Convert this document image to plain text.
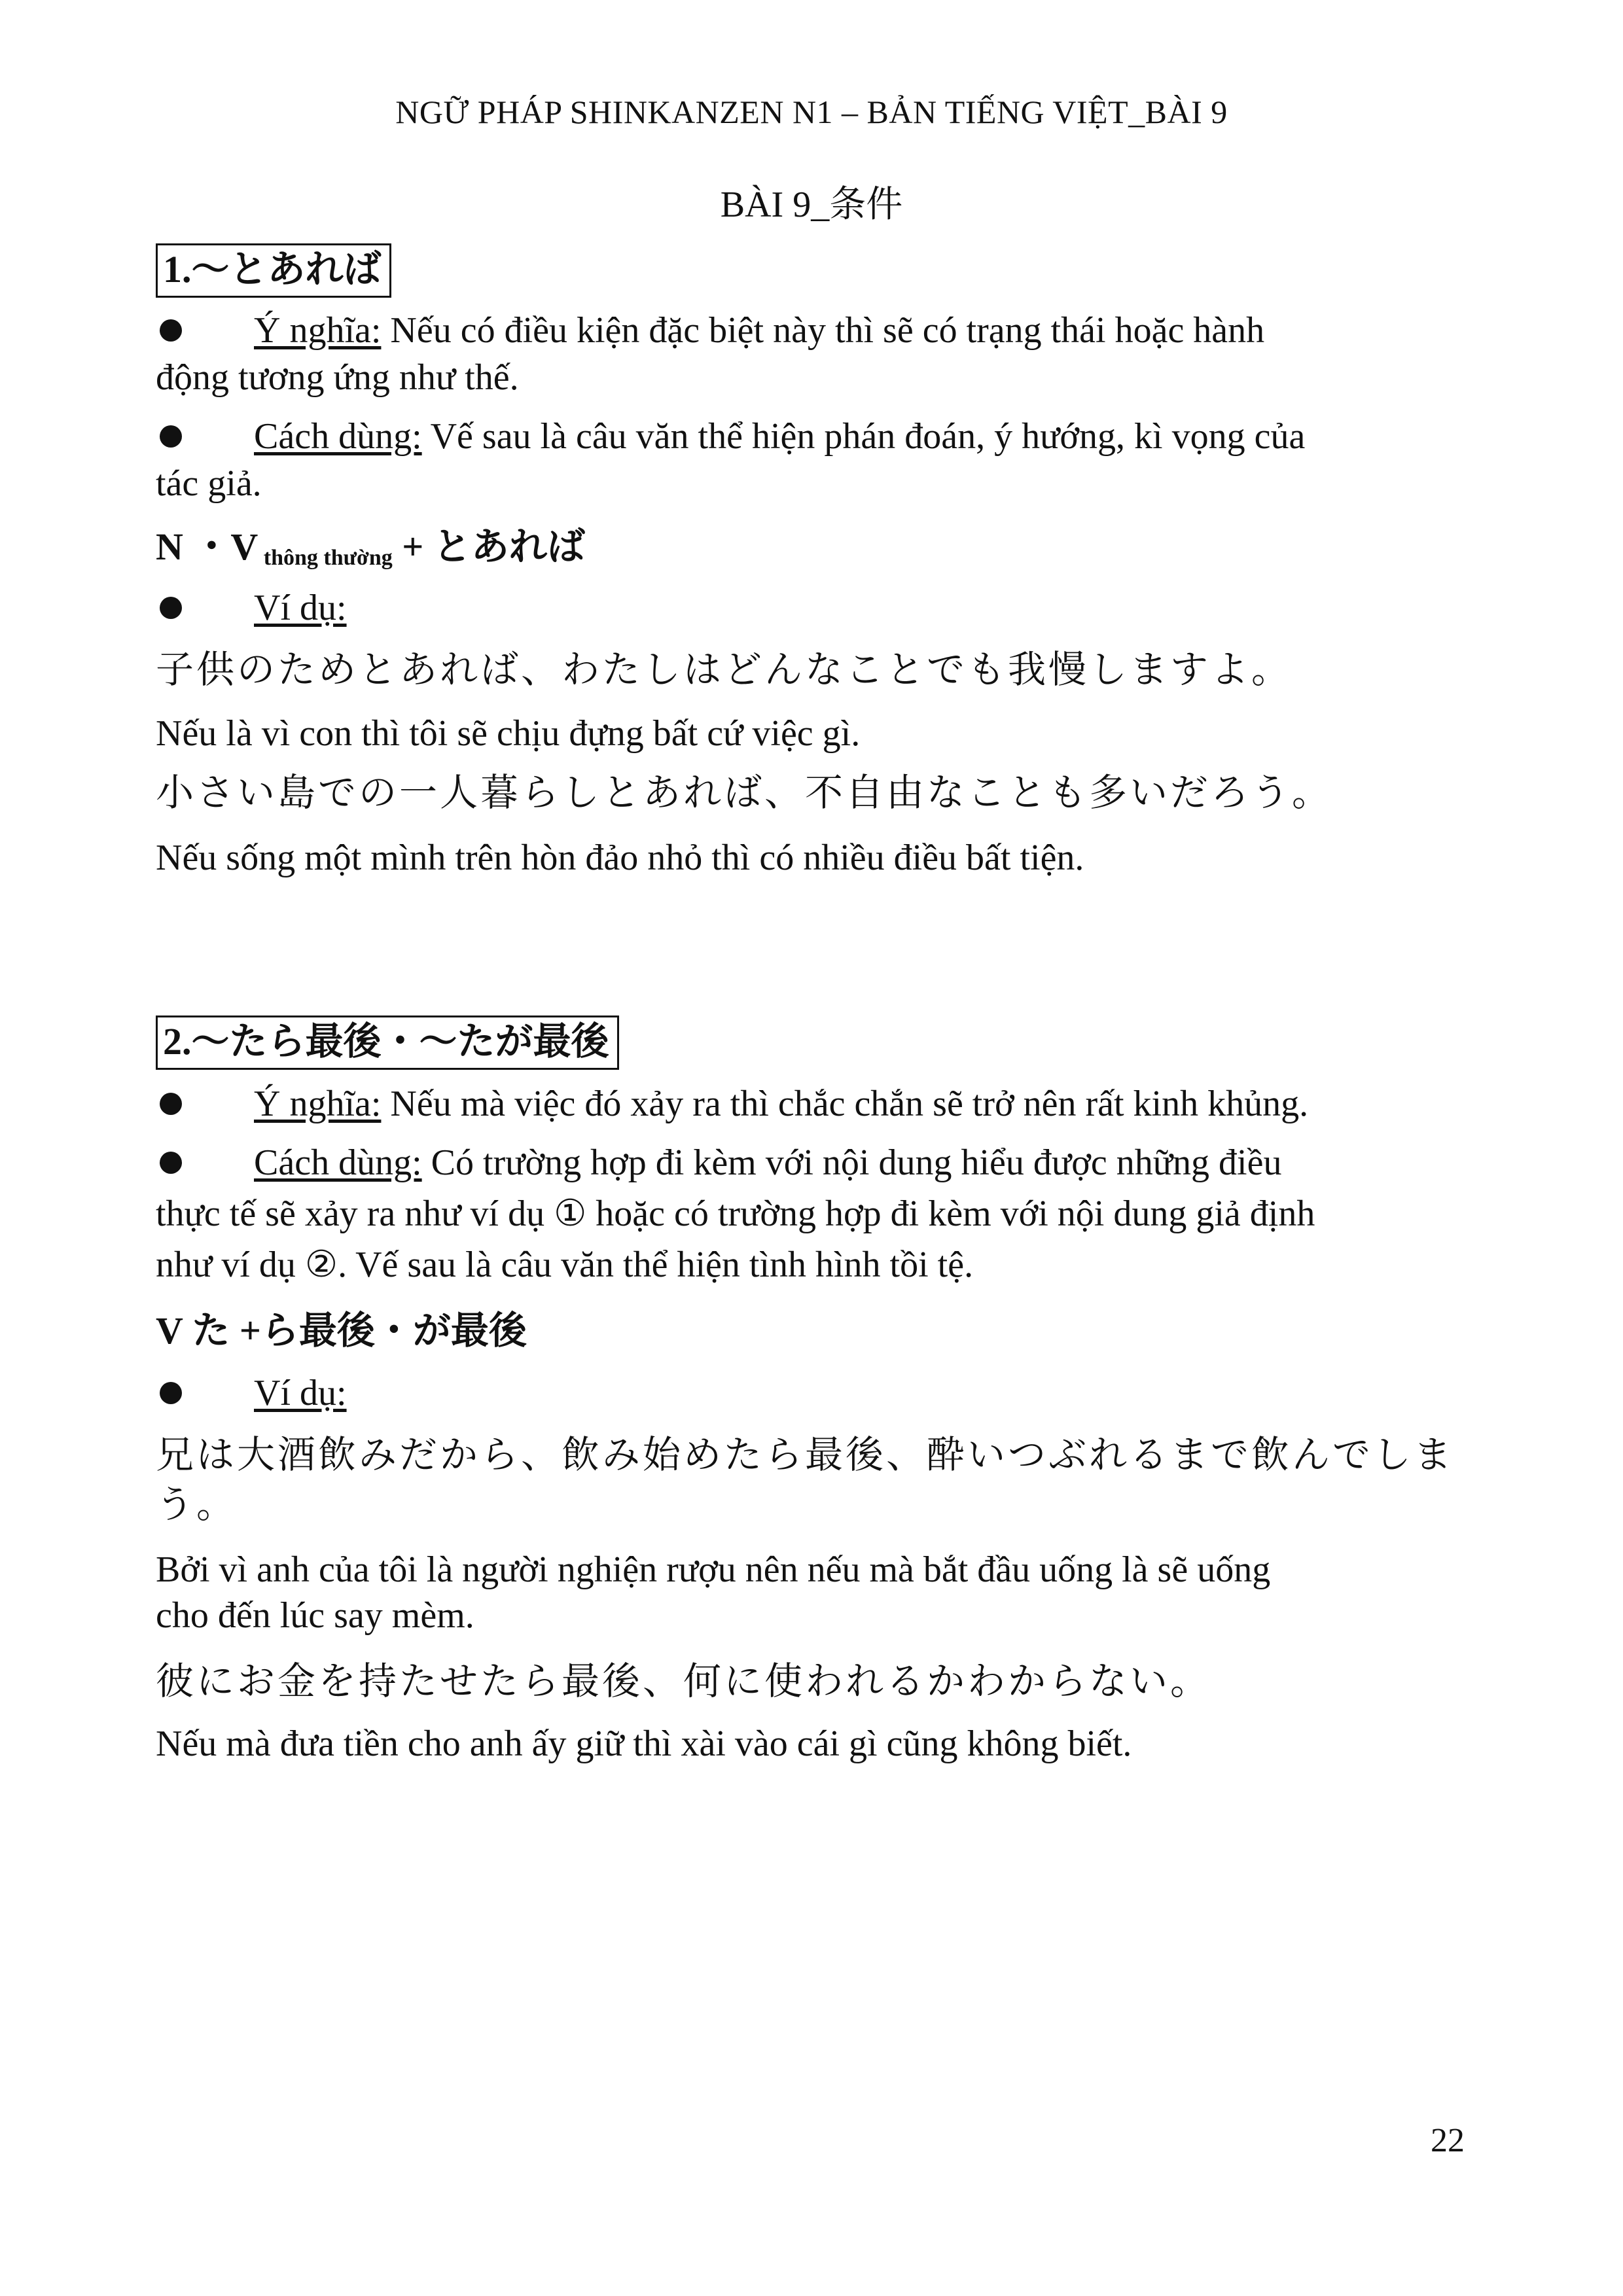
NGỮ PHÁP SHINKANZEN N1 – BẢN TIẾNG VIỆT_BÀI 9
BÀI 9_条件
1.〜とあれば
Ý nghĩa: Nếu có điều kiện đặc biệt này thì sẽ có trạng thái hoặc hành
động tương ứng như thế.
Cách dùng: Vế sau là câu văn thể hiện phán đoán, ý hướng, kì vọng của
tác giả.
N ・V $_{thông thường}$ + とあれば
Ví dụ:
子供のためとあれば、わたしはどんなことでも我慢しますよ。
Nếu là vì con thì tôi sẽ chịu đựng bất cứ việc gì.
小さい島での一人暮らしとあれば、不自由なことも多いだろう。
Nếu sống một mình trên hòn đảo nhỏ thì có nhiều điều bất tiện.
2.〜たら最後・〜たが最後
Ý nghĩa: Nếu mà việc đó xảy ra thì chắc chắn sẽ trở nên rất kinh khủng.
Cách dùng: Có trường hợp đi kèm với nội dung hiểu được những điều
thực tế sẽ xảy ra như ví dụ ① hoặc có trường hợp đi kèm với nội dung giả định
như ví dụ ②. Vế sau là câu văn thể hiện tình hình tồi tệ.
V た +ら最後・が最後
Ví dụ:
兄は大酒飲みだから、飲み始めたら最後、酔いつぶれるまで飲んでしま
う。
Bởi vì anh của tôi là người nghiện rượu nên nếu mà bắt đầu uống là sẽ uống
cho đến lúc say mèm.
彼にお金を持たせたら最後、何に使われるかわからない。
Nếu mà đưa tiền cho anh ấy giữ thì xài vào cái gì cũng không biết.
22
